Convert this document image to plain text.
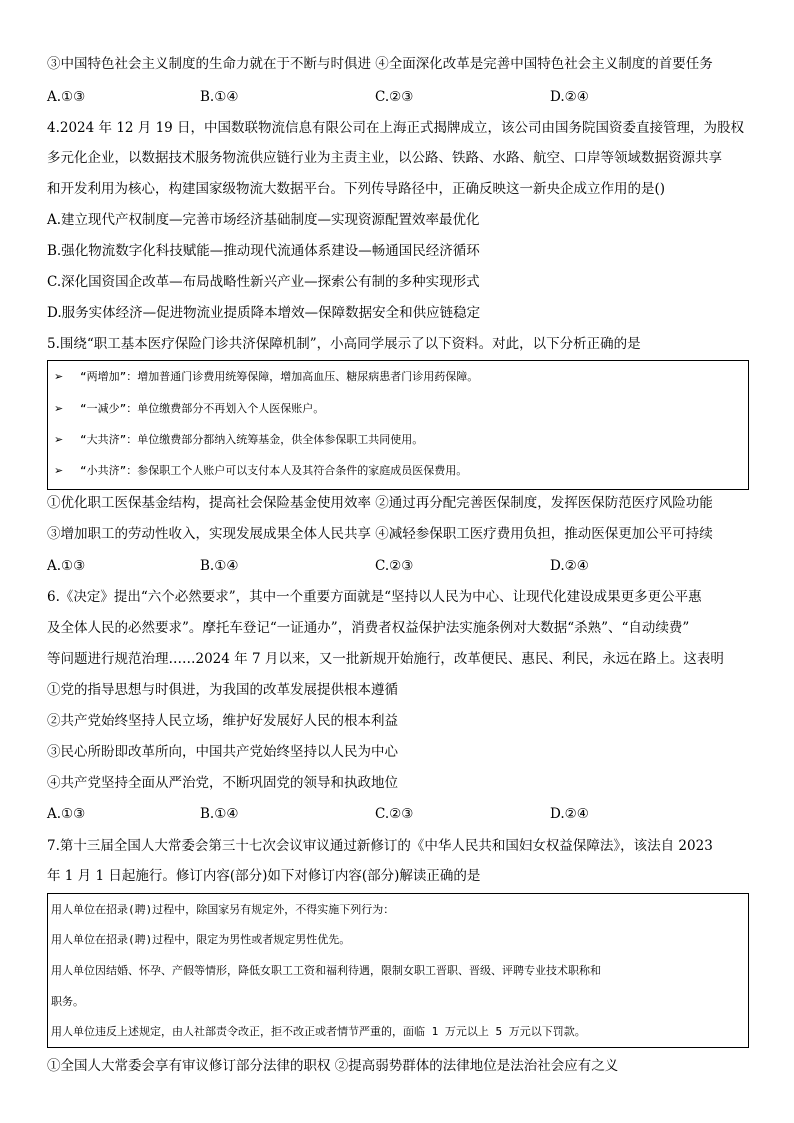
③中国特色社会主义制度的生命力就在于不断与时俱进 ④全面深化改革是完善中国特色社会主义制度的首要任务
A.①③	B.①④	C.②③	D.②④
4.2024 年 12 月 19 日，中国数联物流信息有限公司在上海正式揭牌成立，该公司由国务院国资委直接管理，为股权
多元化企业，以数据技术服务物流供应链行业为主责主业，以公路、铁路、水路、航空、口岸等领域数据资源共享
和开发利用为核心，构建国家级物流大数据平台。下列传导路径中，正确反映这一新央企成立作用的是()
A.建立现代产权制度—完善市场经济基础制度—实现资源配置效率最优化
B.强化物流数字化科技赋能—推动现代流通体系建设—畅通国民经济循环
C.深化国资国企改革—布局战略性新兴产业—探索公有制的多种实现形式
D.服务实体经济—促进物流业提质降本增效—保障数据安全和供应链稳定
5.围绕“职工基本医疗保险门诊共济保障机制”，小高同学展示了以下资料。对此，以下分析正确的是
➢ “两增加”：增加普通门诊费用统筹保障，增加高血压、糖尿病患者门诊用药保障。
➢ “一减少”：单位缴费部分不再划入个人医保账户。
➢ “大共济”：单位缴费部分都纳入统筹基金，供全体参保职工共同使用。
➢ “小共济”：参保职工个人账户可以支付本人及其符合条件的家庭成员医保费用。
①优化职工医保基金结构，提高社会保险基金使用效率 ②通过再分配完善医保制度，发挥医保防范医疗风险功能
③增加职工的劳动性收入，实现发展成果全体人民共享 ④减轻参保职工医疗费用负担，推动医保更加公平可持续
A.①③	B.①④	C.②③	D.②④
6.《决定》提出“六个必然要求”，其中一个重要方面就是“坚持以人民为中心、让现代化建设成果更多更公平惠
及全体人民的必然要求”。摩托车登记“一证通办”，消费者权益保护法实施条例对大数据“杀熟”、“自动续费”
等问题进行规范治理……2024 年 7 月以来，又一批新规开始施行，改革便民、惠民、利民，永远在路上。这表明
①党的指导思想与时俱进，为我国的改革发展提供根本遵循
②共产党始终坚持人民立场，维护好发展好人民的根本利益
③民心所盼即改革所向，中国共产党始终坚持以人民为中心
④共产党坚持全面从严治党，不断巩固党的领导和执政地位
A.①③	B.①④	C.②③	D.②④
7.第十三届全国人大常委会第三十七次会议审议通过新修订的《中华人民共和国妇女权益保障法》，该法自 2023
年 1 月 1 日起施行。修订内容(部分)如下对修订内容(部分)解读正确的是
用人单位在招录(聘)过程中，除国家另有规定外，不得实施下列行为：
用人单位在招录(聘)过程中，限定为男性或者规定男性优先。
用人单位因结婚、怀孕、产假等情形，降低女职工工资和福利待遇，限制女职工晋职、晋级、评聘专业技术职称和
职务。
用人单位违反上述规定，由人社部责令改正，拒不改正或者情节严重的，面临 1 万元以上 5 万元以下罚款。
①全国人大常委会享有审议修订部分法律的职权 ②提高弱势群体的法律地位是法治社会应有之义
